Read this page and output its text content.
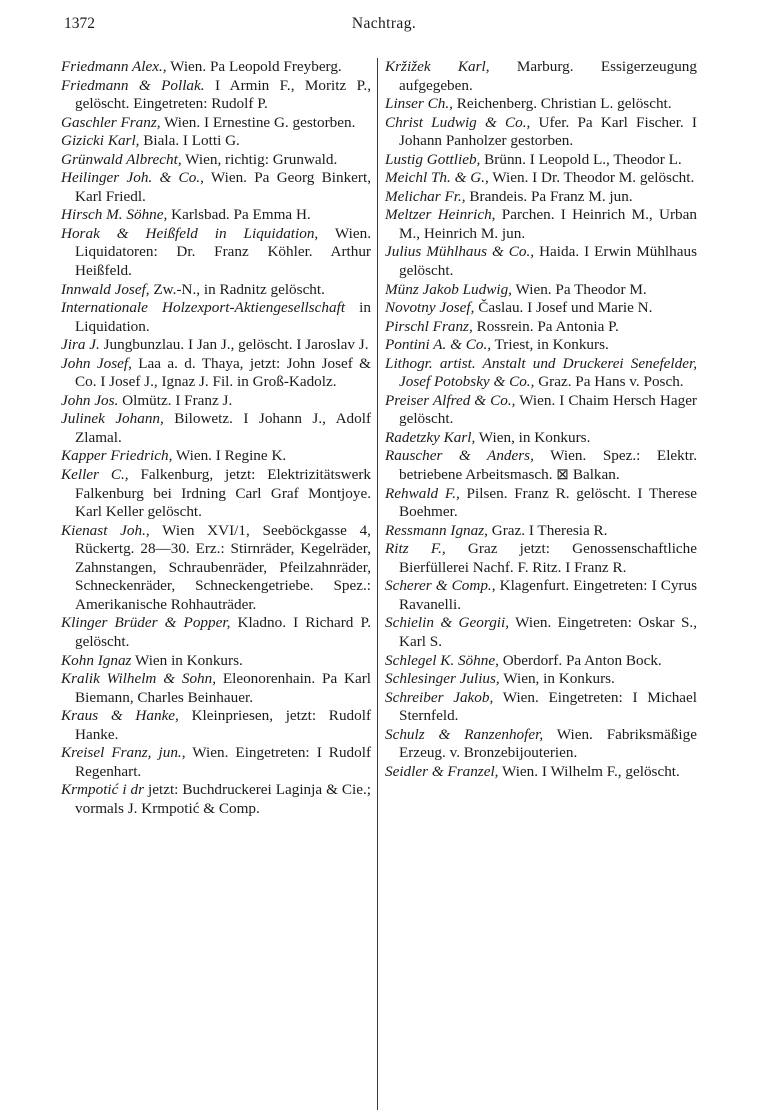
1372	Nachtrag.

Friedmann Alex., Wien. Pa Leopold Freyberg.

Friedmann & Pollak. I Armin F., Moritz P., gelöscht. Eingetreten: Rudolf P.

Gaschler Franz, Wien. I Ernestine G. gestorben.

Gizicki Karl, Biala. I Lotti G.

Grünwald Albrecht, Wien, richtig: Grunwald.

Heilinger Joh. & Co., Wien. Pa Georg Binkert, Karl Friedl.

Hirsch M. Söhne, Karlsbad. Pa Emma H.

Horak & Heißfeld in Liquidation, Wien. Liquidatoren: Dr. Franz Köhler. Arthur Heißfeld.

Innwald Josef, Zw.-N., in Radnitz gelöscht.

Internationale Holzexport-Aktiengesellschaft in Liquidation.

Jira J. Jungbunzlau. I Jan J., gelöscht. I Jaroslav J.

John Josef, Laa a. d. Thaya, jetzt: John Josef & Co. I Josef J., Ignaz J. Fil. in Groß-Kadolz.

John Jos. Olmütz. I Franz J.

Julinek Johann, Bilowetz. I Johann J., Adolf Zlamal.

Kapper Friedrich, Wien. I Regine K.

Keller C., Falkenburg, jetzt: Elektrizitätswerk Falkenburg bei Irdning Carl Graf Montjoye. Karl Keller gelöscht.

Kienast Joh., Wien XVI/1, Seeböckgasse 4, Rückertg. 28—30. Erz.: Stirnräder, Kegelräder, Zahnstangen, Schraubenräder, Pfeilzahnräder, Schneckenräder, Schneckengetriebe. Spez.: Amerikanische Rohhauträder.

Klinger Brüder & Popper, Kladno. I Richard P. gelöscht.

Kohn Ignaz Wien in Konkurs.

Kralik Wilhelm & Sohn, Eleonorenhain. Pa Karl Biemann, Charles Beinhauer.

Kraus & Hanke, Kleinpriesen, jetzt: Rudolf Hanke.

Kreisel Franz, jun., Wien. Eingetreten: I Rudolf Regenhart.

Krmpotić i dr jetzt: Buchdruckerei Laginja & Cie.; vormals J. Krmpotić & Comp.

Kržižek Karl, Marburg. Essigerzeugung aufgegeben.

Linser Ch., Reichenberg. Christian L. gelöscht.

Christ Ludwig & Co., Ufer. Pa Karl Fischer. I Johann Panholzer gestorben.

Lustig Gottlieb, Brünn. I Leopold L., Theodor L.

Meichl Th. & G., Wien. I Dr. Theodor M. gelöscht.

Melichar Fr., Brandeis. Pa Franz M. jun.

Meltzer Heinrich, Parchen. I Heinrich M., Urban M., Heinrich M. jun.

Julius Mühlhaus & Co., Haida. I Erwin Mühlhaus gelöscht.

Münz Jakob Ludwig, Wien. Pa Theodor M.

Novotny Josef, Časlau. I Josef und Marie N.

Pirschl Franz, Rossrein. Pa Antonia P.

Pontini A. & Co., Triest, in Konkurs.

Lithogr. artist. Anstalt und Druckerei Senefelder, Josef Potobsky & Co., Graz. Pa Hans v. Posch.

Preiser Alfred & Co., Wien. I Chaim Hersch Hager gelöscht.

Radetzky Karl, Wien, in Konkurs.

Rauscher & Anders, Wien. Spez.: Elektr. betriebene Arbeitsmasch. ⊠ Balkan.

Rehwald F., Pilsen. Franz R. gelöscht. I Therese Boehmer.

Ressmann Ignaz, Graz. I Theresia R.

Ritz F., Graz jetzt: Genossenschaftliche Bierfüllerei Nachf. F. Ritz. I Franz R.

Scherer & Comp., Klagenfurt. Eingetreten: I Cyrus Ravanelli.

Schielin & Georgii, Wien. Eingetreten: Oskar S., Karl S.

Schlegel K. Söhne, Oberdorf. Pa Anton Bock.

Schlesinger Julius, Wien, in Konkurs.

Schreiber Jakob, Wien. Eingetreten: I Michael Sternfeld.

Schulz & Ranzenhofer, Wien. Fabriksmäßige Erzeug. v. Bronzebijouterien.

Seidler & Franzel, Wien. I Wilhelm F., gelöscht.
